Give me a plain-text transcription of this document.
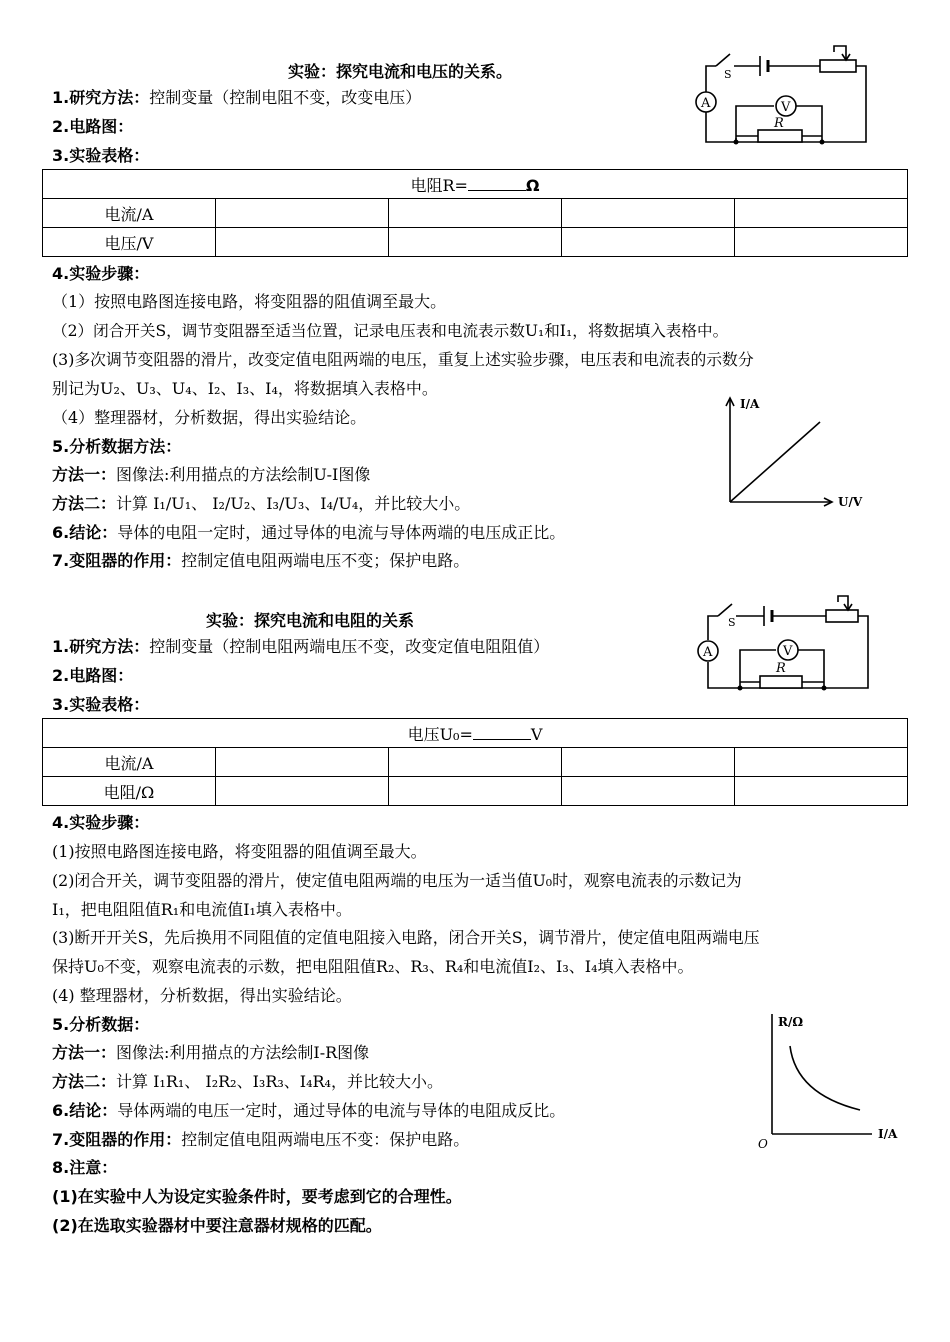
实验：探究电流和电压的关系。
1.研究方法：控制变量（控制电阻不变，改变电压）
2.电路图：
3.实验表格：
S
A	V
R
电阻R= Ω				
电流/A				
电压/V				
4.实验步骤：
（1）按照电路图连接电路，将变阻器的阻值调至最大。
（2）闭合开关S，调节变阻器至适当位置，记录电压表和电流表示数U₁和I₁，将数据填入表格中。
(3)多次调节变阻器的滑片，改变定值电阻两端的电压，重复上述实验步骤，电压表和电流表的示数分
别记为U₂、U₃、U₄、I₂、I₃、I₄，将数据填入表格中。
（4）整理器材，分析数据，得出实验结论。
5.分析数据方法：
方法一：图像法:利用描点的方法绘制U-I图像
方法二：计算 I₁/U₁、 I₂/U₂、I₃/U₃、I₄/U₄，并比较大小。
6.结论：导体的电阻一定时，通过导体的电流与导体两端的电压成正比。
7.变阻器的作用：控制定值电阻两端电压不变；保护电路。
I/A
U/V
实验：探究电流和电阻的关系
1.研究方法：控制变量（控制电阻两端电压不变，改变定值电阻阻值）
2.电路图：
3.实验表格：
S
A	V
R
电压U₀= V				
电流/A				
电阻/Ω				
4.实验步骤：
(1)按照电路图连接电路，将变阻器的阻值调至最大。
(2)闭合开关，调节变阻器的滑片，使定值电阻两端的电压为一适当值U₀时，观察电流表的示数记为
I₁，把电阻阻值R₁和电流值I₁填入表格中。
(3)断开开关S，先后换用不同阻值的定值电阻接入电路，闭合开关S，调节滑片，使定值电阻两端电压
保持U₀不变，观察电流表的示数，把电阻阻值R₂、R₃、R₄和电流值I₂、I₃、I₄填入表格中。
(4) 整理器材，分析数据，得出实验结论。
5.分析数据：
方法一：图像法:利用描点的方法绘制I-R图像
方法二：计算 I₁R₁、 I₂R₂、I₃R₃、I₄R₄，并比较大小。
6.结论：导体两端的电压一定时，通过导体的电流与导体的电阻成反比。
7.变阻器的作用：控制定值电阻两端电压不变：保护电路。
8.注意：
(1)在实验中人为设定实验条件时，要考虑到它的合理性。
(2)在选取实验器材中要注意器材规格的匹配。
R/Ω
I/A
O
